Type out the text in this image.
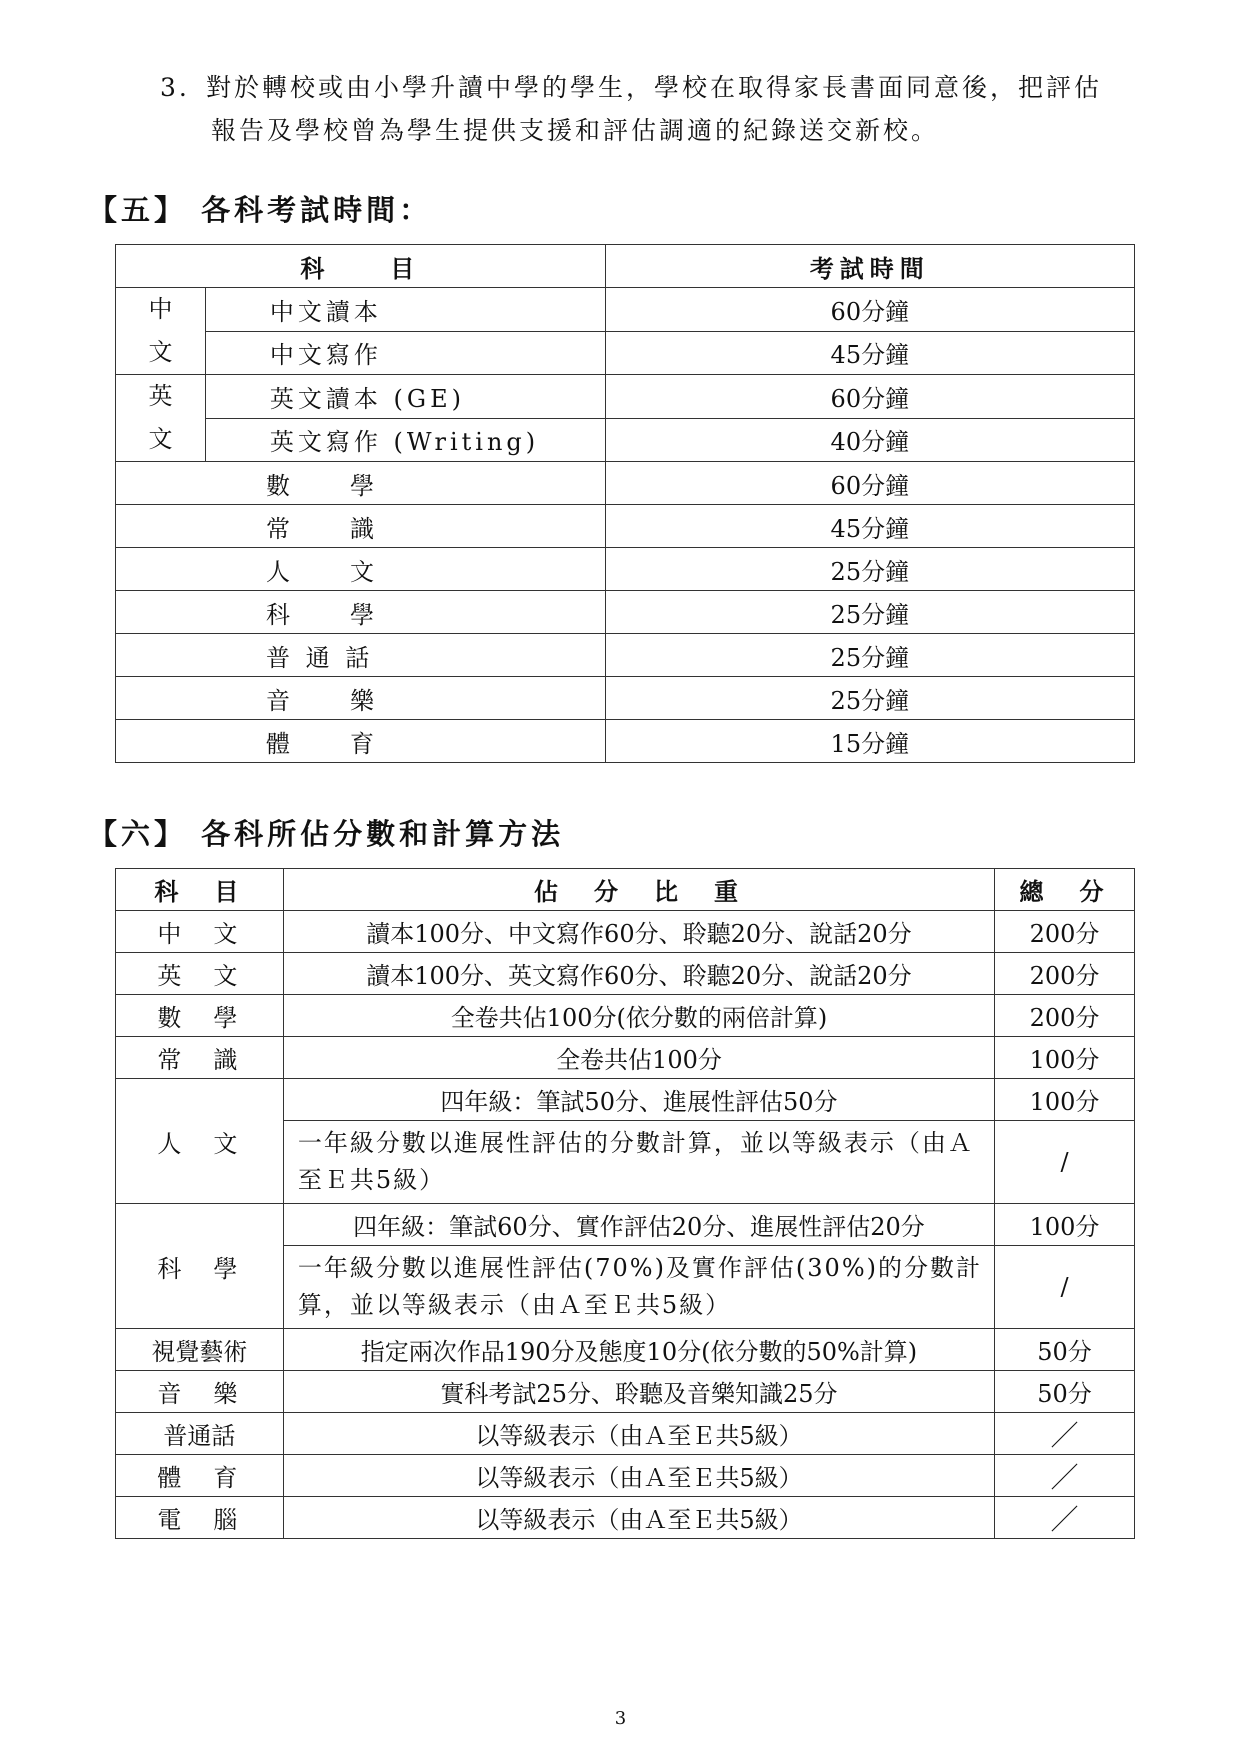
3. 對於轉校或由小學升讀中學的學生，學校在取得家長書面同意後，把評估
報告及學校曾為學生提供支援和評估調適的紀錄送交新校。
【五】 各科考試時間：
科　　目		考試時間
中
文	中文讀本	60分鐘
	中文寫作	45分鐘
英
文	英文讀本 (GE)	60分鐘
	英文寫作 (Writing)	40分鐘
數　　學		60分鐘
常　　識		45分鐘
人　　文		25分鐘
科　　學		25分鐘
普 通 話		25分鐘
音　　樂		25分鐘
體　　育		15分鐘
【六】 各科所佔分數和計算方法
科　目	佔　分　比　重	總　分
中　文	讀本100分、中文寫作60分、聆聽20分、說話20分	200分
英　文	讀本100分、英文寫作60分、聆聽20分、說話20分	200分
數　學	全卷共佔100分(依分數的兩倍計算)	200分
常　識	全卷共佔100分	100分
人　文	四年級：筆試50分、進展性評估50分	100分
	一年級分數以進展性評估的分數計算，並以等級表示（由Ａ至Ｅ共5級）	/
科　學	四年級：筆試60分、實作評估20分、進展性評估20分	100分
	一年級分數以進展性評估(70%)及實作評估(30%)的分數計算，並以等級表示（由Ａ至Ｅ共5級）	/
視覺藝術	指定兩次作品190分及態度10分(依分數的50%計算)	50分
音　樂	實科考試25分、聆聽及音樂知識25分	50分
普通話	以等級表示（由Ａ至Ｅ共5級）	／
體　育	以等級表示（由Ａ至Ｅ共5級）	／
電　腦	以等級表示（由Ａ至Ｅ共5級）	／
3
